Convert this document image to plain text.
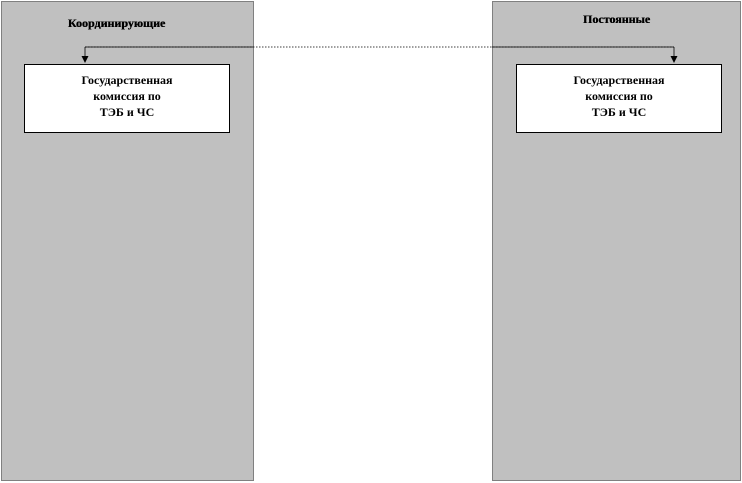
Координирующие	Постоянные
Государственная
комиссия по
ТЭБ и ЧС
Государственная
комиссия по
ТЭБ и ЧС
